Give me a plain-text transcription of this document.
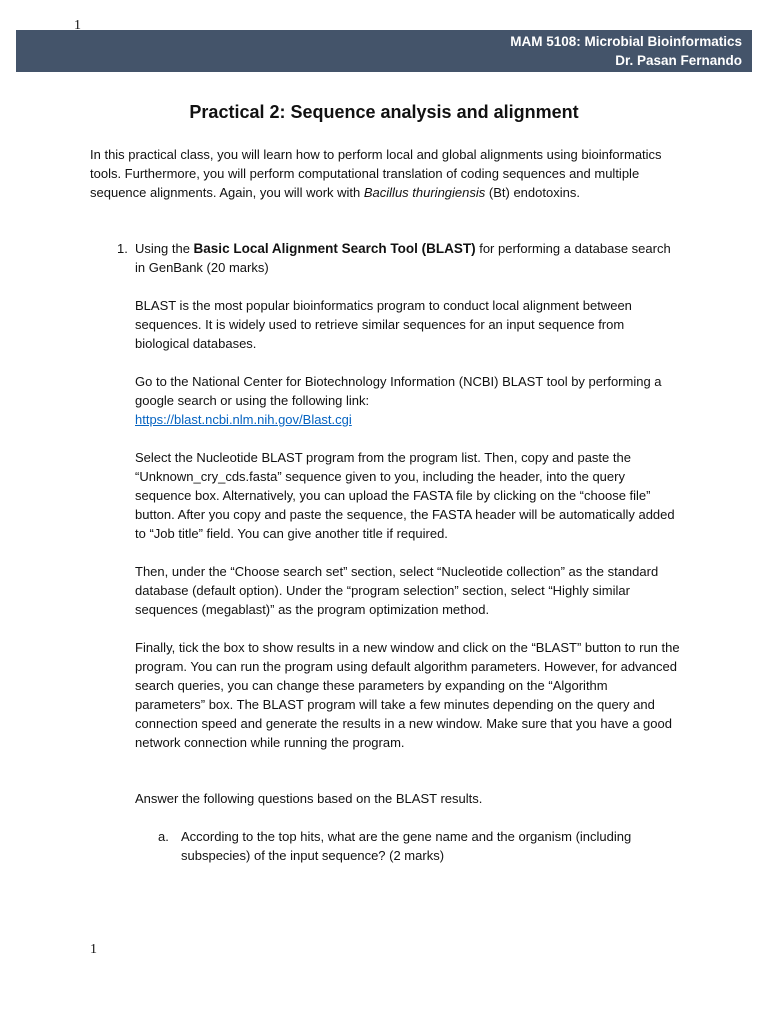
MAM 5108: Microbial Bioinformatics
Dr. Pasan Fernando
1
Practical 2: Sequence analysis and alignment

In this practical class, you will learn how to perform local and global alignments using bioinformatics tools. Furthermore, you will perform computational translation of coding sequences and multiple sequence alignments. Again, you will work with Bacillus thuringiensis (Bt) endotoxins.

1. Using the Basic Local Alignment Search Tool (BLAST) for performing a database search in GenBank (20 marks)

BLAST is the most popular bioinformatics program to conduct local alignment between sequences. It is widely used to retrieve similar sequences for an input sequence from biological databases.

Go to the National Center for Biotechnology Information (NCBI) BLAST tool by performing a google search or using the following link:
https://blast.ncbi.nlm.nih.gov/Blast.cgi

Select the Nucleotide BLAST program from the program list. Then, copy and paste the “Unknown_cry_cds.fasta” sequence given to you, including the header, into the query sequence box. Alternatively, you can upload the FASTA file by clicking on the “choose file” button. After you copy and paste the sequence, the FASTA header will be automatically added to “Job title” field. You can give another title if required.

Then, under the “Choose search set” section, select “Nucleotide collection” as the standard database (default option). Under the “program selection” section, select “Highly similar sequences (megablast)” as the program optimization method.

Finally, tick the box to show results in a new window and click on the “BLAST” button to run the program. You can run the program using default algorithm parameters. However, for advanced search queries, you can change these parameters by expanding on the “Algorithm parameters” box. The BLAST program will take a few minutes depending on the query and connection speed and generate the results in a new window. Make sure that you have a good network connection while running the program.

Answer the following questions based on the BLAST results.

a. According to the top hits, what are the gene name and the organism (including subspecies) of the input sequence? (2 marks)

1
